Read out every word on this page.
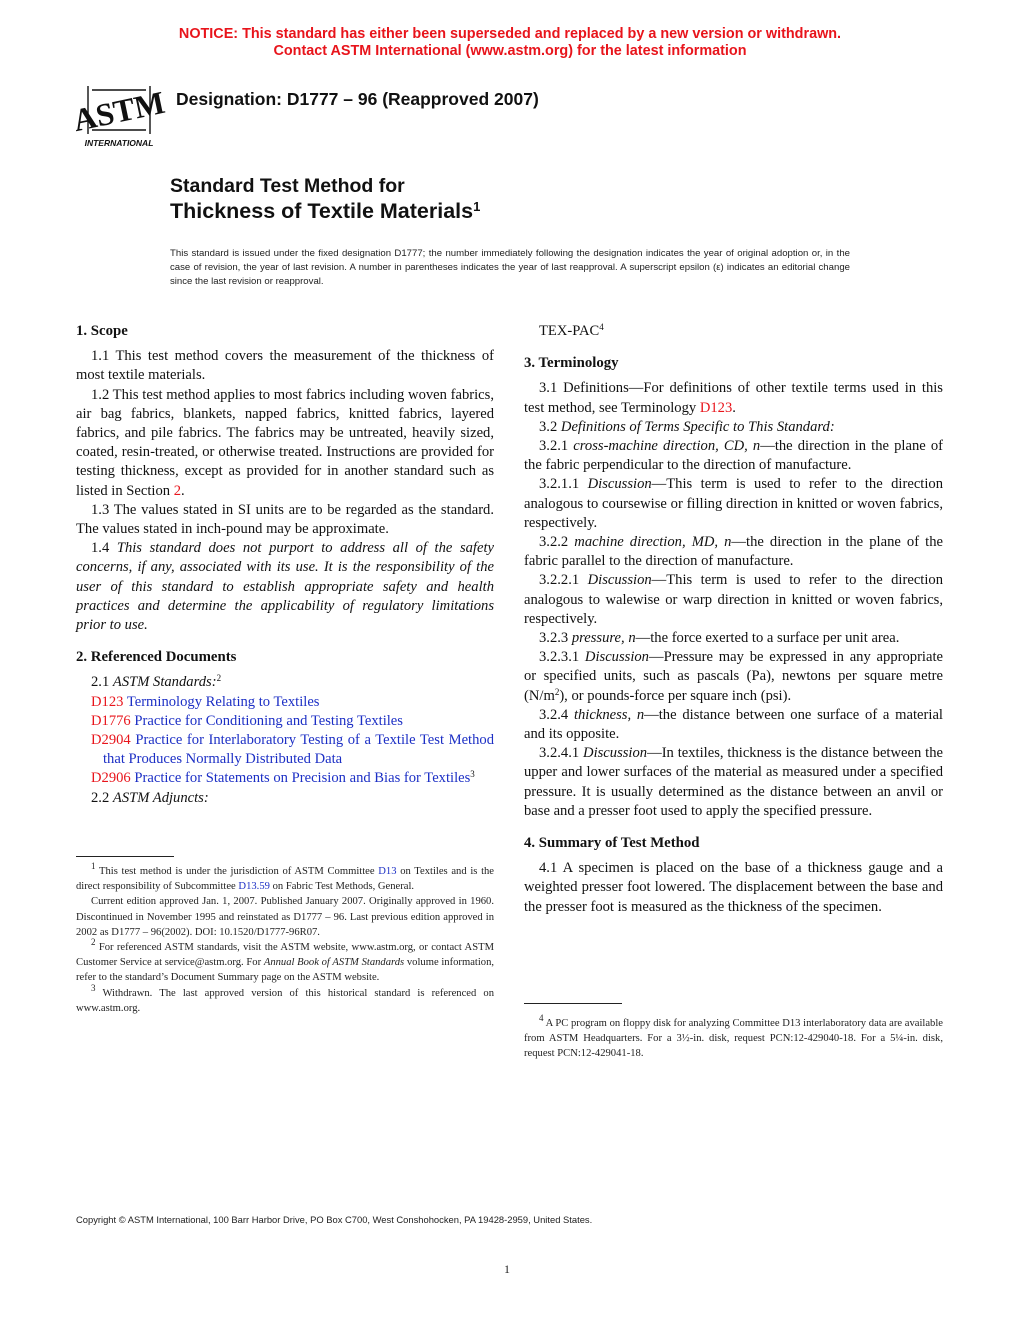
NOTICE: This standard has either been superseded and replaced by a new version or withdrawn.
Contact ASTM International (www.astm.org) for the latest information
ASTM
INTERNATIONAL
Designation: D1777 – 96 (Reapproved 2007)
Standard Test Method for
Thickness of Textile Materials$^1$
This standard is issued under the fixed designation D1777; the number immediately following the designation indicates the year of original adoption or, in the case of revision, the year of last revision. A number in parentheses indicates the year of last reapproval. A superscript epsilon (ε) indicates an editorial change since the last revision or reapproval.

1. Scope

1.1 This test method covers the measurement of the thickness of most textile materials.

1.2 This test method applies to most fabrics including woven fabrics, air bag fabrics, blankets, napped fabrics, knitted fabrics, layered fabrics, and pile fabrics. The fabrics may be untreated, heavily sized, coated, resin-treated, or otherwise treated. Instructions are provided for testing thickness, except as provided for in another standard such as listed in Section 2.

1.3 The values stated in SI units are to be regarded as the standard. The values stated in inch-pound may be approximate.

1.4 This standard does not purport to address all of the safety concerns, if any, associated with its use. It is the responsibility of the user of this standard to establish appropriate safety and health practices and determine the applicability of regulatory limitations prior to use.

2. Referenced Documents

2.1 ASTM Standards:$^2$

D123 Terminology Relating to Textiles

D1776 Practice for Conditioning and Testing Textiles

D2904 Practice for Interlaboratory Testing of a Textile Test Method that Produces Normally Distributed Data

D2906 Practice for Statements on Precision and Bias for Textiles$^3$

2.2 ASTM Adjuncts:

TEX-PAC$^4$

3. Terminology

3.1 Definitions—For definitions of other textile terms used in this test method, see Terminology D123.

3.2 Definitions of Terms Specific to This Standard:

3.2.1 cross-machine direction, CD, n—the direction in the plane of the fabric perpendicular to the direction of manufacture.

3.2.1.1 Discussion—This term is used to refer to the direction analogous to coursewise or filling direction in knitted or woven fabrics, respectively.

3.2.2 machine direction, MD, n—the direction in the plane of the fabric parallel to the direction of manufacture.

3.2.2.1 Discussion—This term is used to refer to the direction analogous to walewise or warp direction in knitted or woven fabrics, respectively.

3.2.3 pressure, n—the force exerted to a surface per unit area.

3.2.3.1 Discussion—Pressure may be expressed in any appropriate or specified units, such as pascals (Pa), newtons per square metre $(N/m^2)$, or pounds-force per square inch (psi).

3.2.4 thickness, n—the distance between one surface of a material and its opposite.

3.2.4.1 Discussion—In textiles, thickness is the distance between the upper and lower surfaces of the material as measured under a specified pressure. It is usually determined as the distance between an anvil or base and a presser foot used to apply the specified pressure.

4. Summary of Test Method

4.1 A specimen is placed on the base of a thickness gauge and a weighted presser foot lowered. The displacement between the base and the presser foot is measured as the thickness of the specimen.

$^1$ This test method is under the jurisdiction of ASTM Committee D13 on Textiles and is the direct responsibility of Subcommittee D13.59 on Fabric Test Methods, General.

Current edition approved Jan. 1, 2007. Published January 2007. Originally approved in 1960. Discontinued in November 1995 and reinstated as D1777 – 96. Last previous edition approved in 2002 as D1777 – 96(2002). DOI: 10.1520/D1777-96R07.

$^2$ For referenced ASTM standards, visit the ASTM website, www.astm.org, or contact ASTM Customer Service at service@astm.org. For Annual Book of ASTM Standards volume information, refer to the standard’s Document Summary page on the ASTM website.

$^3$ Withdrawn. The last approved version of this historical standard is referenced on www.astm.org.

$^4$ A PC program on floppy disk for analyzing Committee D13 interlaboratory data are available from ASTM Headquarters. For a 3½-in. disk, request PCN:12-429040-18. For a 5¼-in. disk, request PCN:12-429041-18.

Copyright © ASTM International, 100 Barr Harbor Drive, PO Box C700, West Conshohocken, PA 19428-2959, United States.
1
